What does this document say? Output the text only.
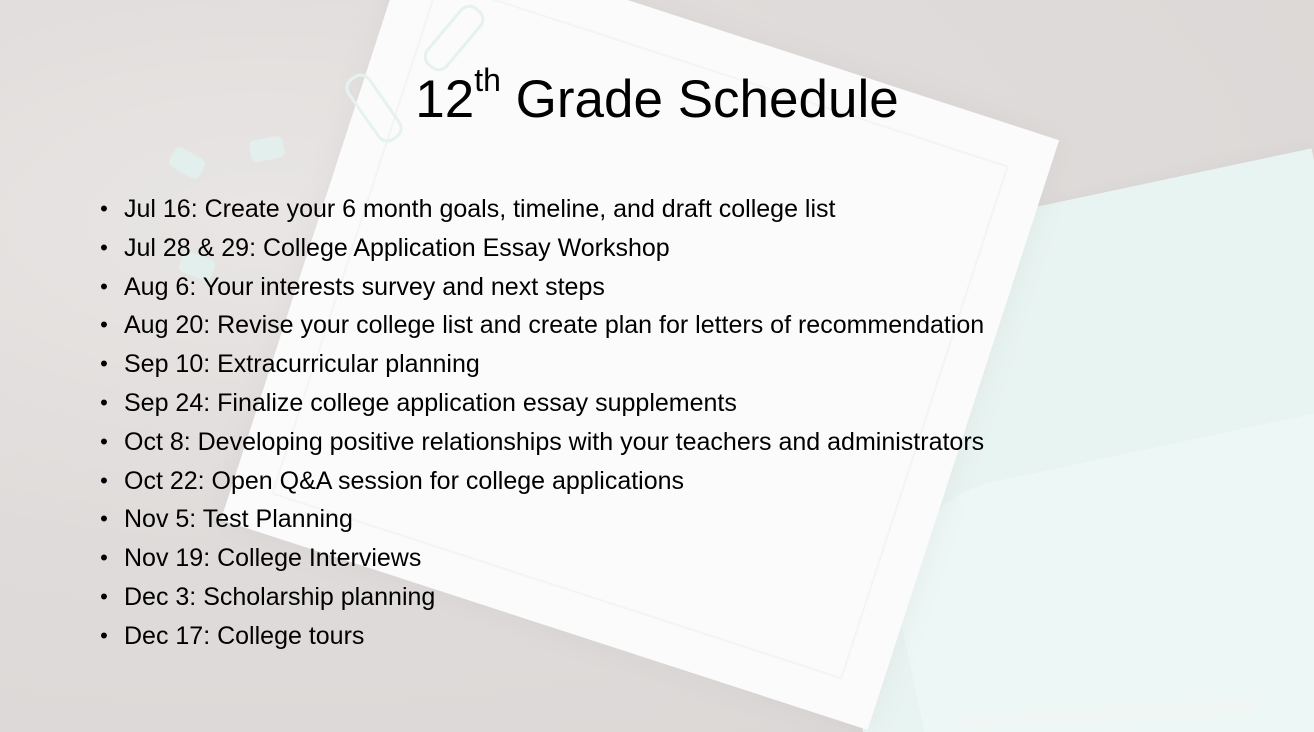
12th Grade Schedule
• Jul 16: Create your 6 month goals, timeline, and draft college list
• Jul 28 & 29: College Application Essay Workshop
• Aug 6: Your interests survey and next steps
• Aug 20: Revise your college list and create plan for letters of recommendation
• Sep 10: Extracurricular planning
• Sep 24: Finalize college application essay supplements
• Oct 8: Developing positive relationships with your teachers and administrators
• Oct 22: Open Q&A session for college applications
• Nov 5: Test Planning
• Nov 19: College Interviews
• Dec 3: Scholarship planning
• Dec 17: College tours
